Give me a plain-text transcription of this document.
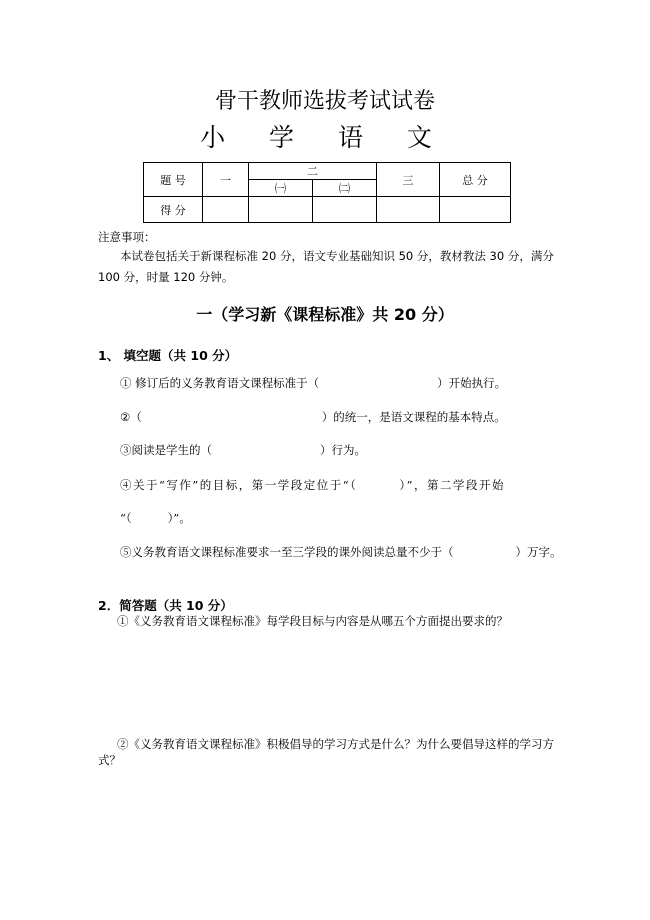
骨干教师选拔考试试卷
小 学 语 文
题 号	一	二		三	总 分
		㈠	㈡		
得 分					
注意事项：
本试卷包括关于新课程标准 20 分，语文专业基础知识 50 分，教材教法 30 分，满分 100 分，时量 120 分钟。
一（学习新《课程标准》共 20 分）
1、 填空题（共 10 分）
① 修订后的义务教育语文课程标准于（	）开始执行。
②（	）的统一，是语文课程的基本特点。
③阅读是学生的（	）行为。
④关于“写作”的目标，第一学段定位于“（	）”，第二学段开始
“（	）”。
⑤义务教育语文课程标准要求一至三学段的课外阅读总量不少于（	）万字。
2．简答题（共 10 分）
①《义务教育语文课程标准》每学段目标与内容是从哪五个方面提出要求的？
②《义务教育语文课程标准》积极倡导的学习方式是什么？为什么要倡导这样的学习方
式？
